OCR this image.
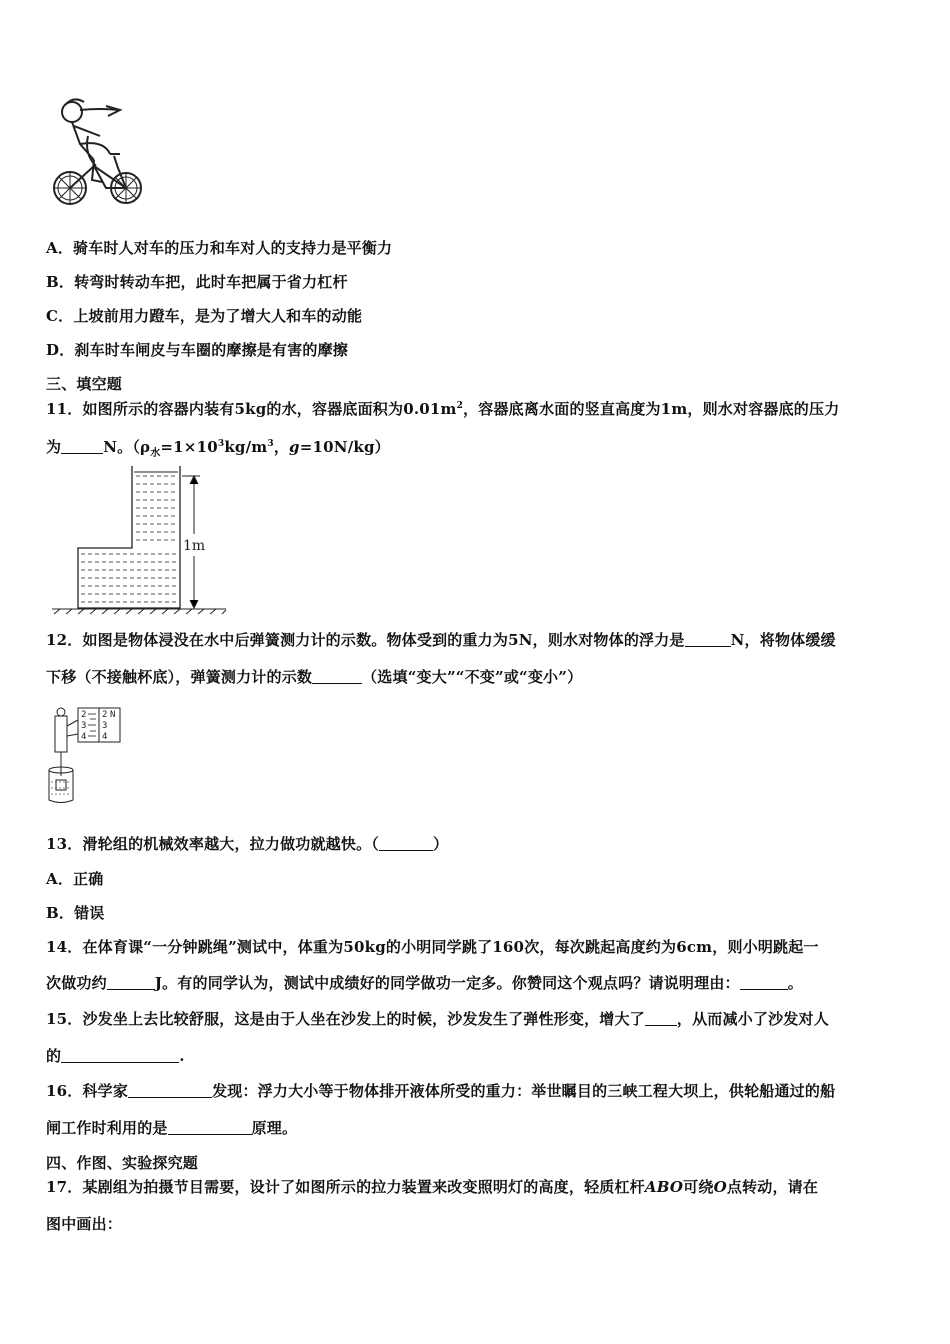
A．骑车时人对车的压力和车对人的支持力是平衡力
B．转弯时转动车把，此时车把属于省力杠杆
C．上坡前用力蹬车，是为了增大人和车的动能
D．刹车时车闸皮与车圈的摩擦是有害的摩擦
三、填空题
11．如图所示的容器内装有5kg的水，容器底面积为$0.01m^2$，容器底离水面的竖直高度为1m，则水对容器底的压力
为	N。（$\rho_水=1\times 10^3kg/m^3$，g=10N/kg）
1m
12．如图是物体浸没在水中后弹簧测力计的示数。物体受到的重力为5N，则水对物体的浮力是	N，将物体缓缓
下移（不接触杯底），弹簧测力计的示数	（选填“变大”“不变”或“变小”）
2
3
4
2
3
4
N
13．滑轮组的机械效率越大，拉力做功就越快。（	）
A．正确
B．错误
14．在体育课“一分钟跳绳”测试中，体重为50kg的小明同学跳了160次，每次跳起高度约为6cm，则小明跳起一
次做功约	J。有的同学认为，测试中成绩好的同学做功一定多。你赞同这个观点吗？请说明理由：	。
15．沙发坐上去比较舒服，这是由于人坐在沙发上的时候，沙发发生了弹性形变，增大了 ，从而减小了沙发对人
的	.
16．科学家	发现：浮力大小等于物体排开液体所受的重力：举世瞩目的三峡工程大坝上，供轮船通过的船
闸工作时利用的是	原理。
四、作图、实验探究题
17．某剧组为拍摄节目需要，设计了如图所示的拉力装置来改变照明灯的高度，轻质杠杆ABO可绕O点转动，请在
图中画出：
